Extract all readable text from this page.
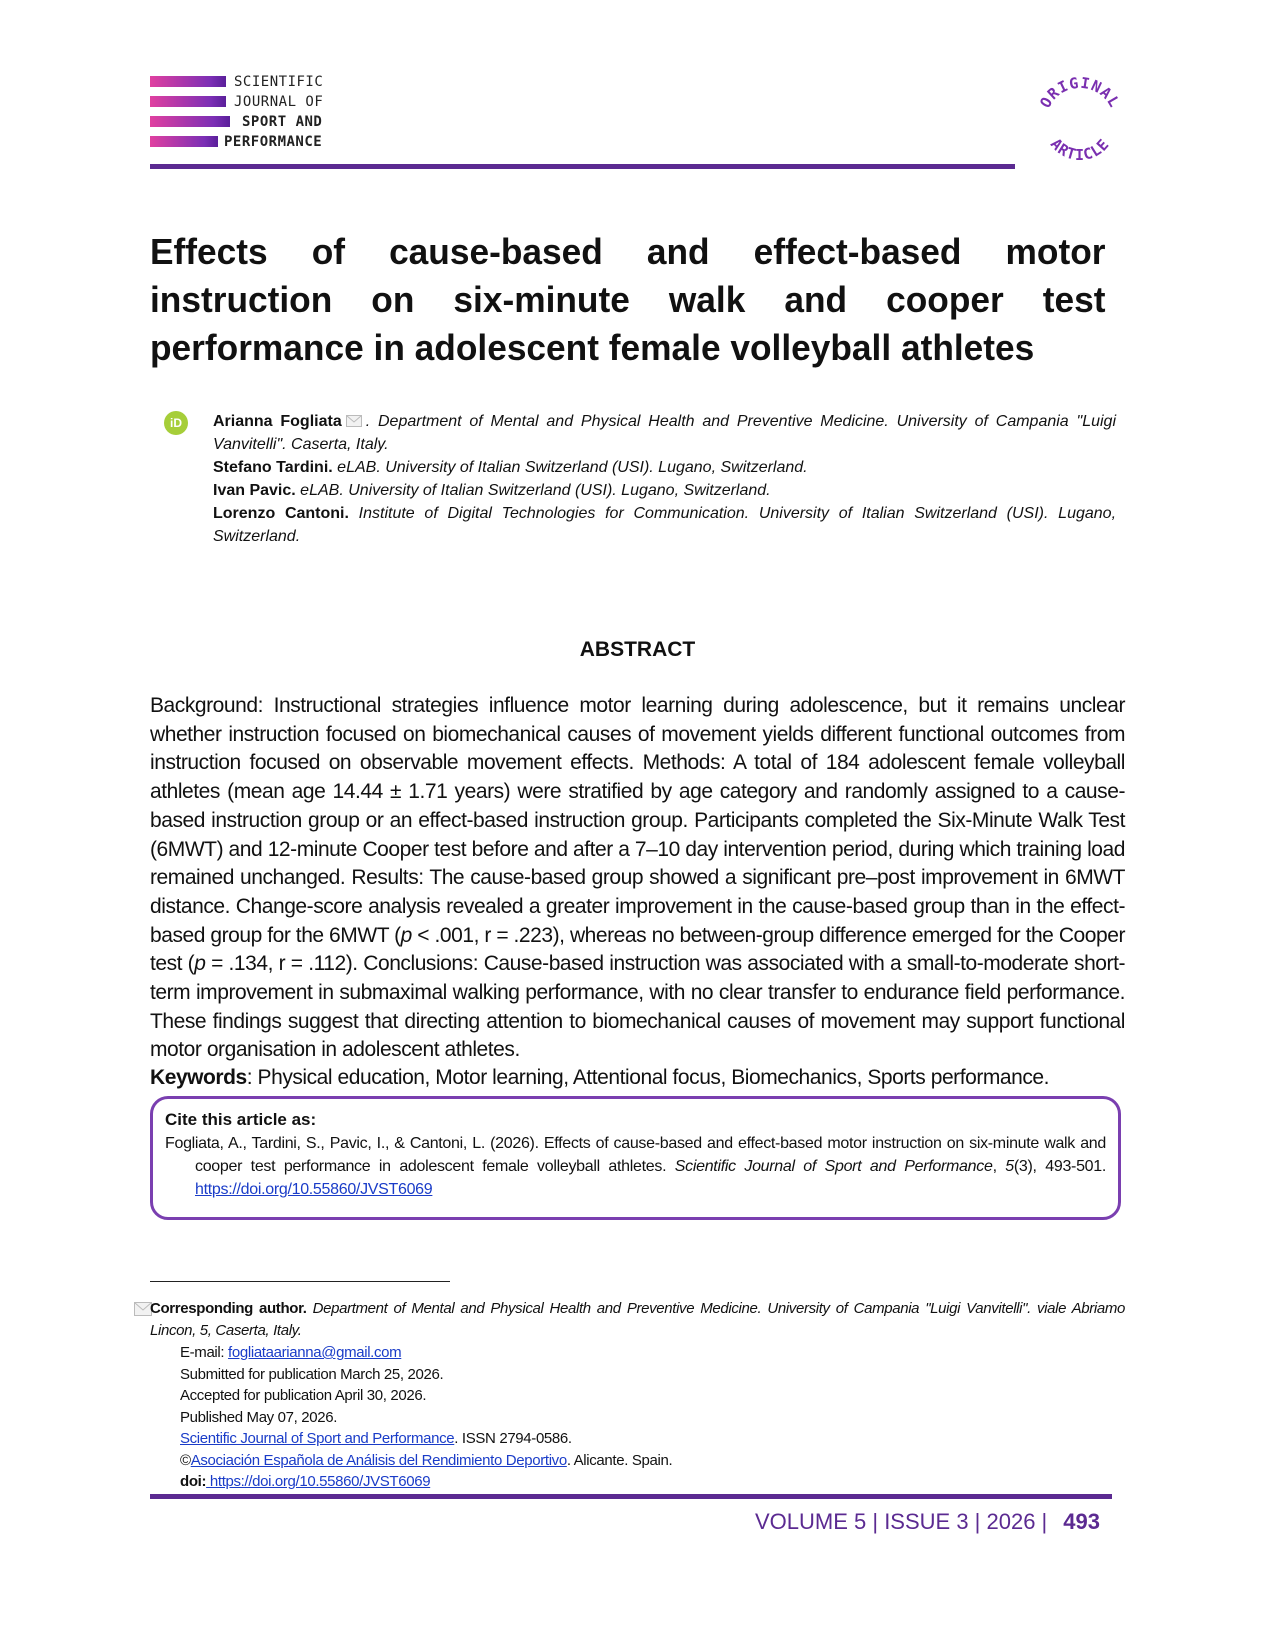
SCIENTIFIC
JOURNAL OF
SPORT AND
PERFORMANCE
ORIGINAL
ARTICLE
Effects of cause-based and effect-based motor instruction on six-minute walk and cooper test performance in adolescent female volleyball athletes
iD	Arianna Fogliata . Department of Mental and Physical Health and Preventive Medicine. University of Campania "Luigi Vanvitelli". Caserta, Italy.

Stefano Tardini. eLAB. University of Italian Switzerland (USI). Lugano, Switzerland.

Ivan Pavic. eLAB. University of Italian Switzerland (USI). Lugano, Switzerland.

Lorenzo Cantoni. Institute of Digital Technologies for Communication. University of Italian Switzerland (USI). Lugano, Switzerland.

ABSTRACT

Background: Instructional strategies influence motor learning during adolescence, but it remains unclear whether instruction focused on biomechanical causes of movement yields different functional outcomes from instruction focused on observable movement effects. Methods: A total of 184 adolescent female volleyball athletes (mean age 14.44 ± 1.71 years) were stratified by age category and randomly assigned to a cause-based instruction group or an effect-based instruction group. Participants completed the Six-Minute Walk Test (6MWT) and 12-minute Cooper test before and after a 7–10 day intervention period, during which training load remained unchanged. Results: The cause-based group showed a significant pre–post improvement in 6MWT distance. Change-score analysis revealed a greater improvement in the cause-based group than in the effect-based group for the 6MWT (p < .001, r = .223), whereas no between-group difference emerged for the Cooper test (p = .134, r = .112). Conclusions: Cause-based instruction was associated with a small-to-moderate short-term improvement in submaximal walking performance, with no clear transfer to endurance field performance. These findings suggest that directing attention to biomechanical causes of movement may support functional motor organisation in adolescent athletes.

Keywords: Physical education, Motor learning, Attentional focus, Biomechanics, Sports performance.

Cite this article as:

Fogliata, A., Tardini, S., Pavic, I., & Cantoni, L. (2026). Effects of cause-based and effect-based motor instruction on six-minute walk and cooper test performance in adolescent female volleyball athletes. Scientific Journal of Sport and Performance, 5(3), 493-501. https://doi.org/10.55860/JVST6069

Corresponding author. Department of Mental and Physical Health and Preventive Medicine. University of Campania "Luigi Vanvitelli". viale Abriamo Lincon, 5, Caserta, Italy.

E-mail: fogliataarianna@gmail.com
Submitted for publication March 25, 2026.
Accepted for publication April 30, 2026.
Published May 07, 2026.
Scientific Journal of Sport and Performance. ISSN 2794-0586.
©Asociación Española de Análisis del Rendimiento Deportivo. Alicante. Spain.
doi: https://doi.org/10.55860/JVST6069
VOLUME 5 | ISSUE 3 | 2026 | 493
